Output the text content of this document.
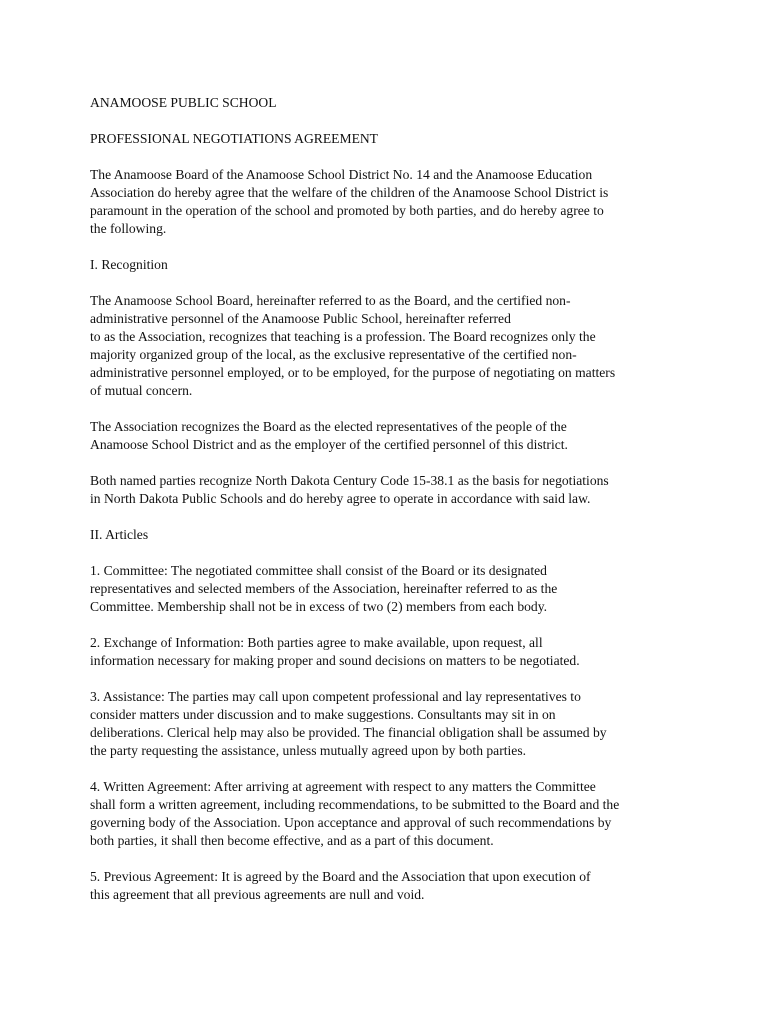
ANAMOOSE PUBLIC SCHOOL
PROFESSIONAL NEGOTIATIONS AGREEMENT
The Anamoose Board of the Anamoose School District No. 14 and the Anamoose Education
Association do hereby agree that the welfare of the children of the Anamoose School District is
paramount in the operation of the school and promoted by both parties, and do hereby agree to
the following.
I. Recognition
The Anamoose School Board, hereinafter referred to as the Board, and the certified non-
administrative personnel of the Anamoose Public School, hereinafter referred
to as the Association, recognizes that teaching is a profession. The Board recognizes only the
majority organized group of the local, as the exclusive representative of the certified non-
administrative personnel employed, or to be employed, for the purpose of negotiating on matters
of mutual concern.
The Association recognizes the Board as the elected representatives of the people of the
Anamoose School District and as the employer of the certified personnel of this district.
Both named parties recognize North Dakota Century Code 15-38.1 as the basis for negotiations
in North Dakota Public Schools and do hereby agree to operate in accordance with said law.
II. Articles
1. Committee: The negotiated committee shall consist of the Board or its designated
representatives and selected members of the Association, hereinafter referred to as the
Committee. Membership shall not be in excess of two (2) members from each body.
2. Exchange of Information: Both parties agree to make available, upon request, all
information necessary for making proper and sound decisions on matters to be negotiated.
3. Assistance: The parties may call upon competent professional and lay representatives to
consider matters under discussion and to make suggestions. Consultants may sit in on
deliberations. Clerical help may also be provided. The financial obligation shall be assumed by
the party requesting the assistance, unless mutually agreed upon by both parties.
4. Written Agreement: After arriving at agreement with respect to any matters the Committee
shall form a written agreement, including recommendations, to be submitted to the Board and the
governing body of the Association. Upon acceptance and approval of such recommendations by
both parties, it shall then become effective, and as a part of this document.
5. Previous Agreement: It is agreed by the Board and the Association that upon execution of
this agreement that all previous agreements are null and void.
